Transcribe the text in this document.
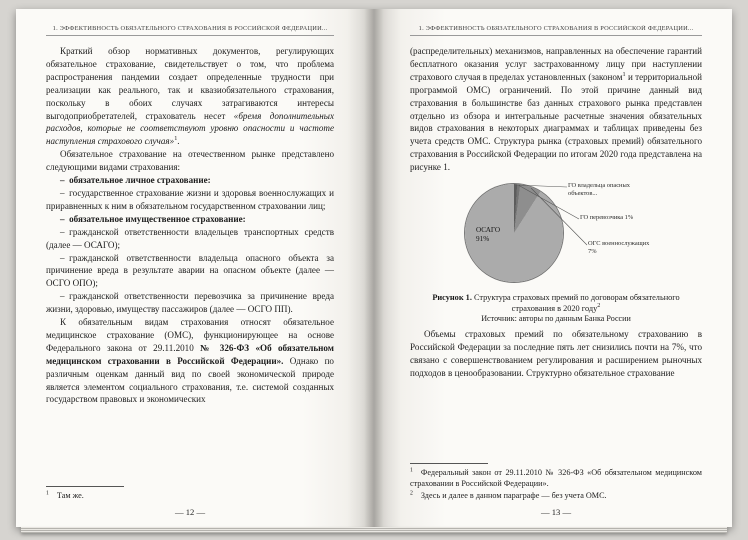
1. ЭФФЕКТИВНОСТЬ ОБЯЗАТЕЛЬНОГО СТРАХОВАНИЯ В РОССИЙСКОЙ ФЕДЕРАЦИИ...

Краткий обзор нормативных документов, регулирующих обязательное страхование, свидетельствует о том, что проблема распространения пандемии создает определенные трудности при реализации как реального, так и квазиобязательного страхования, поскольку в обоих случаях затрагиваются интересы выгодоприобретателей, страхователь несет «бремя дополнительных расходов, которые не соответствуют уровню опасности и частоте наступления страхового случая»$^1$.

Обязательное страхование на отечественном рынке представлено следующими видами страхования:

– обязательное личное страхование:

– государственное страхование жизни и здоровья военнослужащих и приравненных к ним в обязательном государственном страховании лиц;

– обязательное имущественное страхование:

– гражданской ответственности владельцев транспортных средств (далее — ОСАГО);

– гражданской ответственности владельца опасного объекта за причинение вреда в результате аварии на опасном объекте (далее — ОСГО ОПО);

– гражданской ответственности перевозчика за причинение вреда жизни, здоровью, имуществу пассажиров (далее — ОСГО ПП).

К обязательным видам страхования относят обязательное медицинское страхование (ОМС), функционирующее на основе Федерального закона от 29.11.2010 № 326-ФЗ «Об обязательном медицинском страховании в Российской Федерации». Однако по различным оценкам данный вид по своей экономической природе является элементом социального страхования, т.е. системой созданных государством правовых и экономических

$^1$ Там же.

— 12 —
1. ЭФФЕКТИВНОСТЬ ОБЯЗАТЕЛЬНОГО СТРАХОВАНИЯ В РОССИЙСКОЙ ФЕДЕРАЦИИ...

(распределительных) механизмов, направленных на обеспечение гарантий бесплатного оказания услуг застрахованному лицу при наступлении страхового случая в пределах установленных (законом$^1$ и территориальной программой ОМС) ограничений. По этой причине данный вид страхования в большинстве баз данных страхового рынка представлен отдельно из обзора и интегральные расчетные значения обязательных видов страхования в некоторых диаграммах и таблицах приведены без учета средств ОМС. Структура рынка (страховых премий) обязательного страхования в Российской Федерации по итогам 2020 года представлена на рисунке 1.

ОСАГО
91%
ГО владельца опасных объектов...
ГО перевозчика 1%
ОГС военнослужащих 7%

Рисунок 1. Структура страховых премий по договорам обязательного страхования в 2020 году$^2$

Источник: авторы по данным Банка России

Объемы страховых премий по обязательному страхованию в Российской Федерации за последние пять лет снизились почти на 7%, что связано с совершенствованием регулирования и расширением рыночных подходов в ценообразовании. Структурно обязательное страхование

$^1$ Федеральный закон от 29.11.2010 № 326-ФЗ «Об обязательном медицинском страховании в Российской Федерации».

$^2$ Здесь и далее в данном параграфе — без учета ОМС.

— 13 —
